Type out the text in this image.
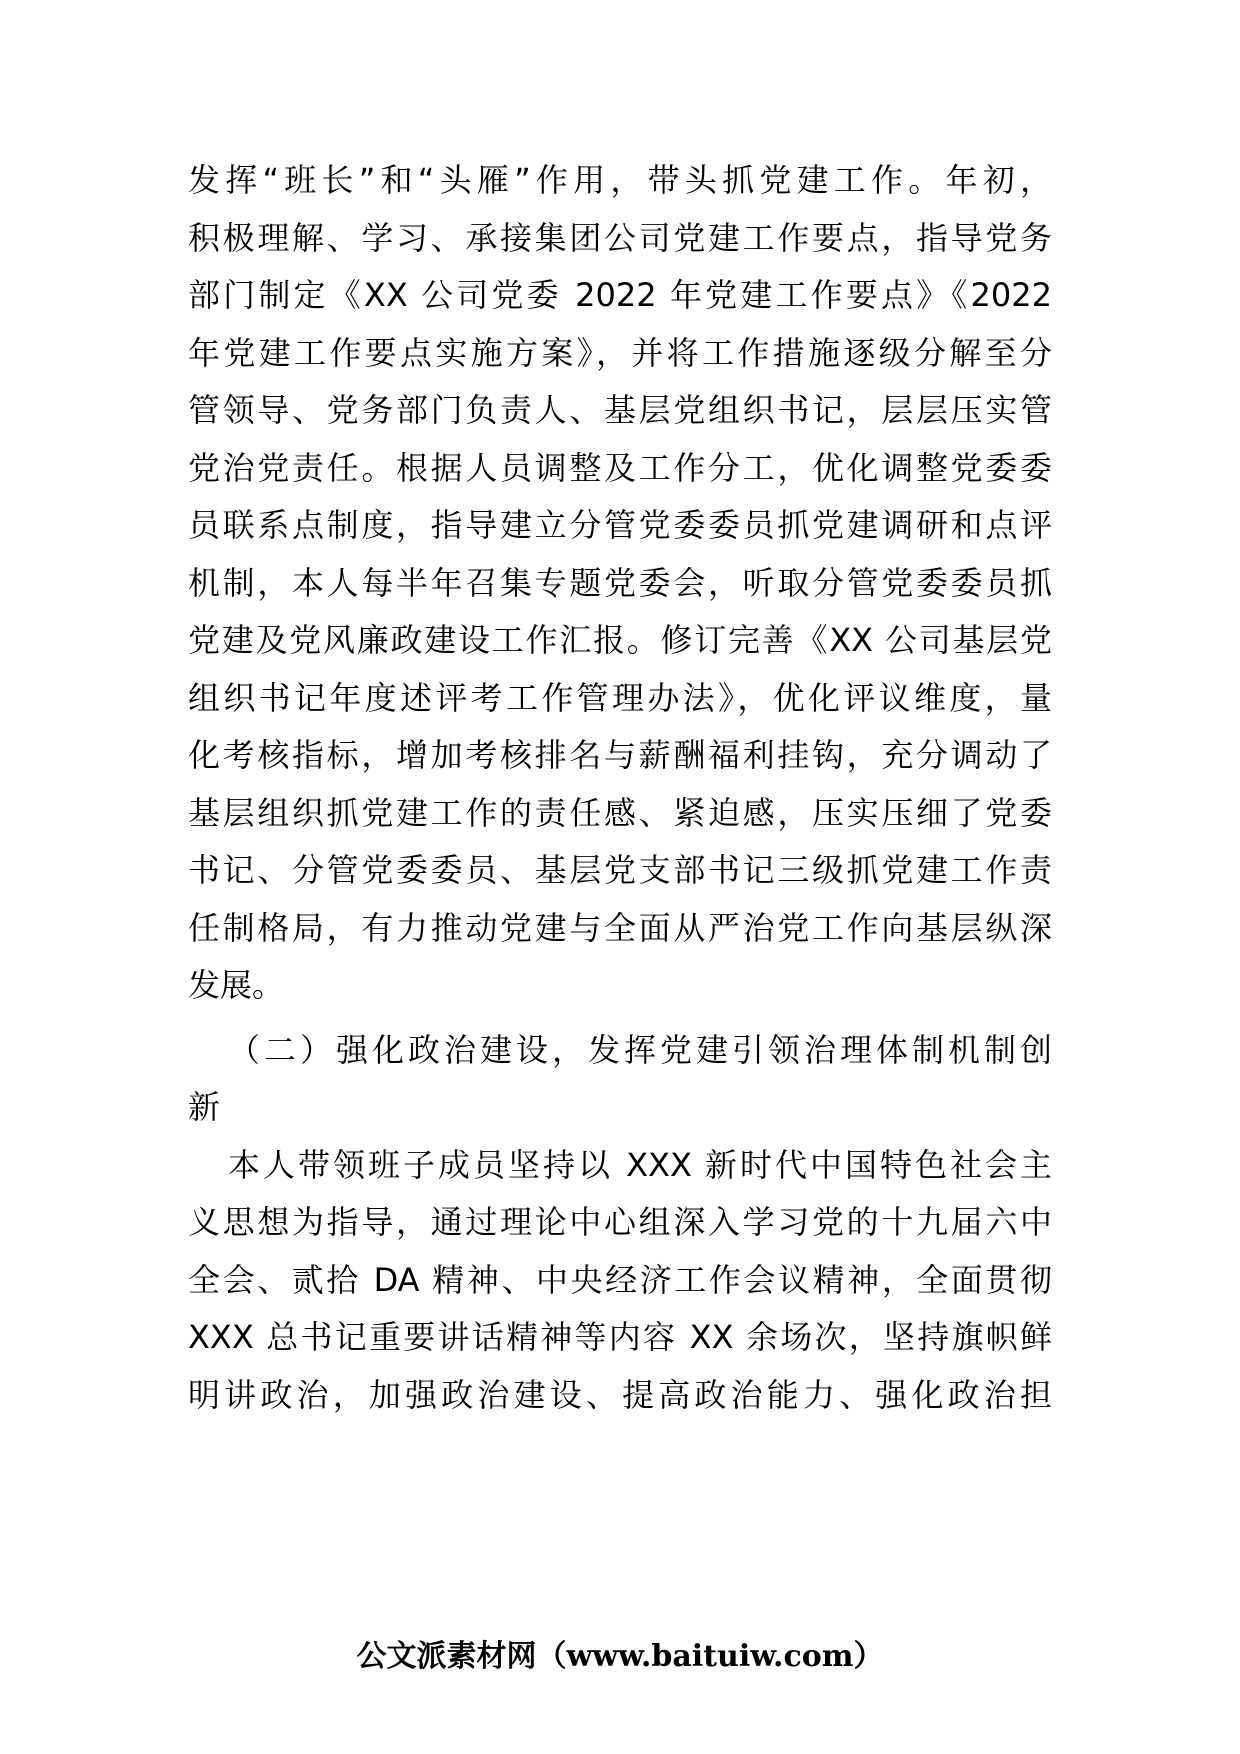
发挥“班长”和“头雁”作用，带头抓党建工作。年初，
积极理解、学习、承接集团公司党建工作要点，指导党务
部门制定《XX 公司党委 2022 年党建工作要点》《2022
年党建工作要点实施方案》，并将工作措施逐级分解至分
管领导、党务部门负责人、基层党组织书记，层层压实管
党治党责任。根据人员调整及工作分工，优化调整党委委
员联系点制度，指导建立分管党委委员抓党建调研和点评
机制，本人每半年召集专题党委会，听取分管党委委员抓
党建及党风廉政建设工作汇报。修订完善《XX 公司基层党
组织书记年度述评考工作管理办法》，优化评议维度，量
化考核指标，增加考核排名与薪酬福利挂钩，充分调动了
基层组织抓党建工作的责任感、紧迫感，压实压细了党委
书记、分管党委委员、基层党支部书记三级抓党建工作责
任制格局，有力推动党建与全面从严治党工作向基层纵深
发展。
（二）强化政治建设，发挥党建引领治理体制机制创
新
本人带领班子成员坚持以 XXX 新时代中国特色社会主
义思想为指导，通过理论中心组深入学习党的十九届六中
全会、贰拾 DA 精神、中央经济工作会议精神，全面贯彻
XXX 总书记重要讲话精神等内容 XX 余场次，坚持旗帜鲜
明讲政治，加强政治建设、提高政治能力、强化政治担
公文派素材网（www.baituiw.com）
